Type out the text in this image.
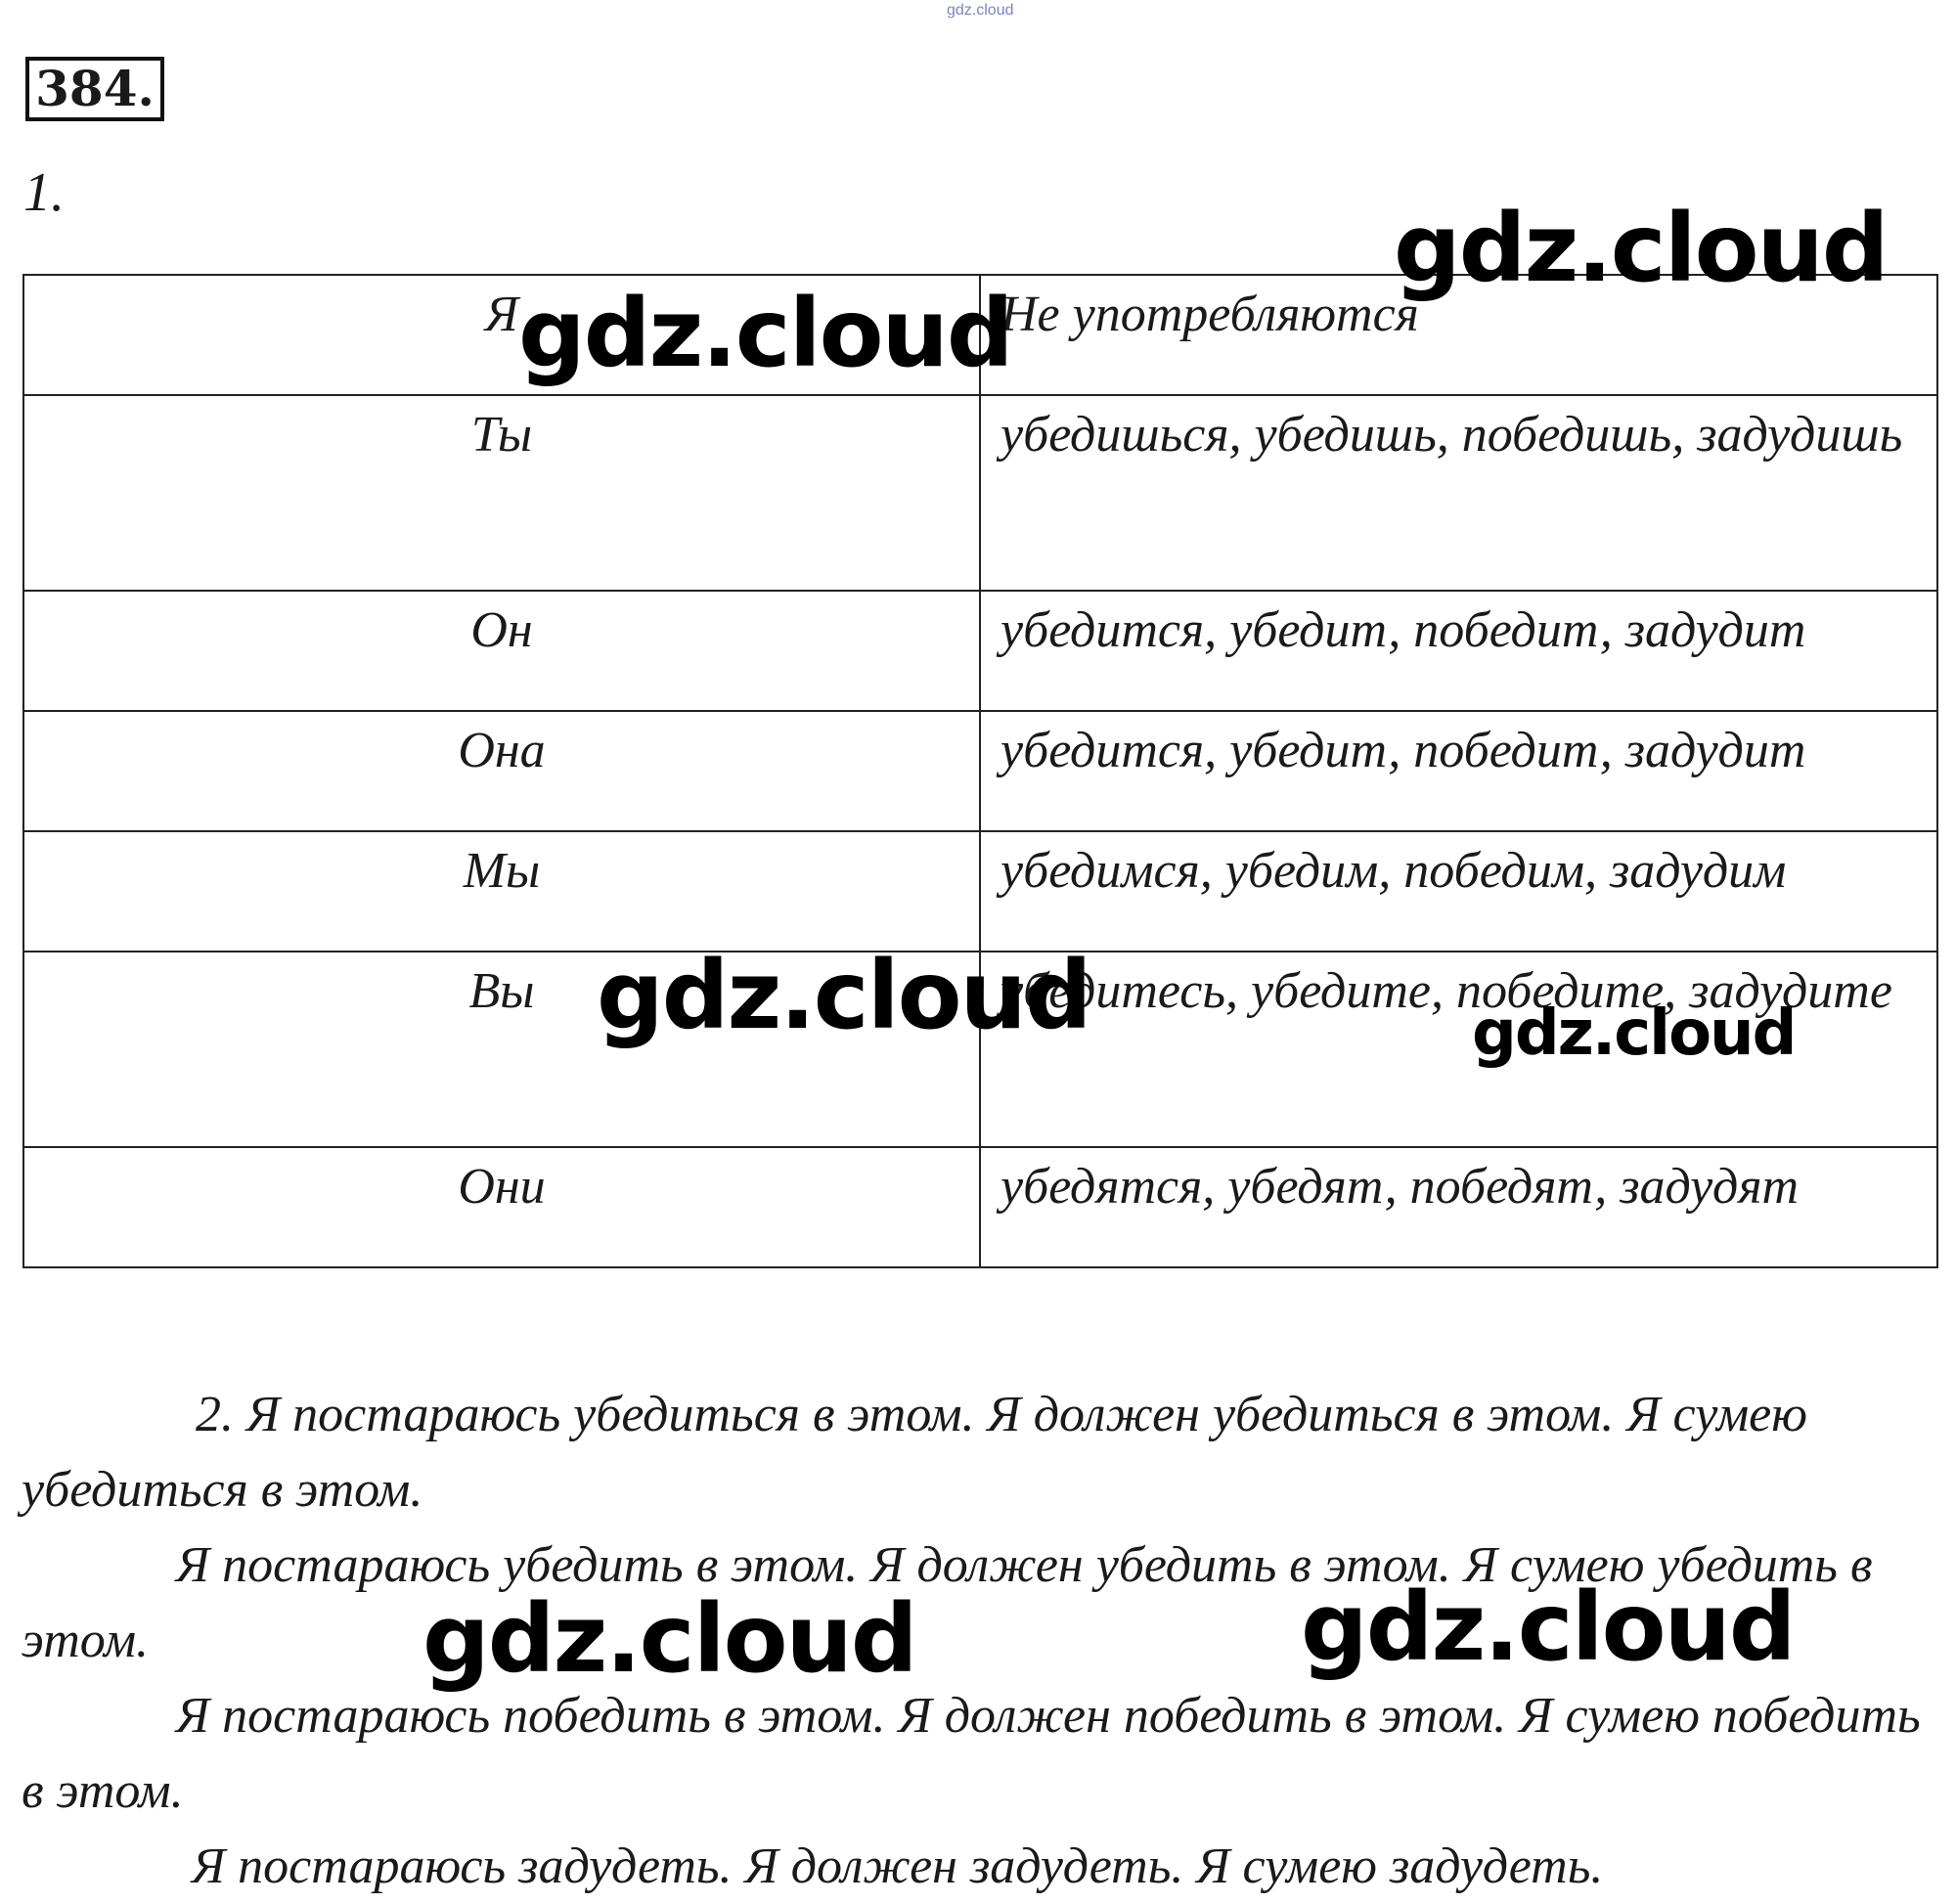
gdz.cloud
384.
1.
Я	Не употребляются
Ты	убедишься, убедишь, победишь, задудишь
Он	убедится, убедит, победит, задудит
Она	убедится, убедит, победит, задудит
Мы	убедимся, убедим, победим, задудим
Вы	убедитесь, убедите, победите, задудите
Они	убедятся, убедят, победят, задудят

2. Я постараюсь убедиться в этом. Я должен убедиться в этом. Я сумею убедиться в этом.

Я постараюсь убедить в этом. Я должен убедить в этом. Я сумею убедить в этом.

Я постараюсь победить в этом. Я должен победить в этом. Я сумею победить в этом.

Я постараюсь задудеть. Я должен задудеть. Я сумею задудеть.

gdz.cloud
gdz.cloud
gdz.cloud	gdz.cloud
gdz.cloud	gdz.cloud
